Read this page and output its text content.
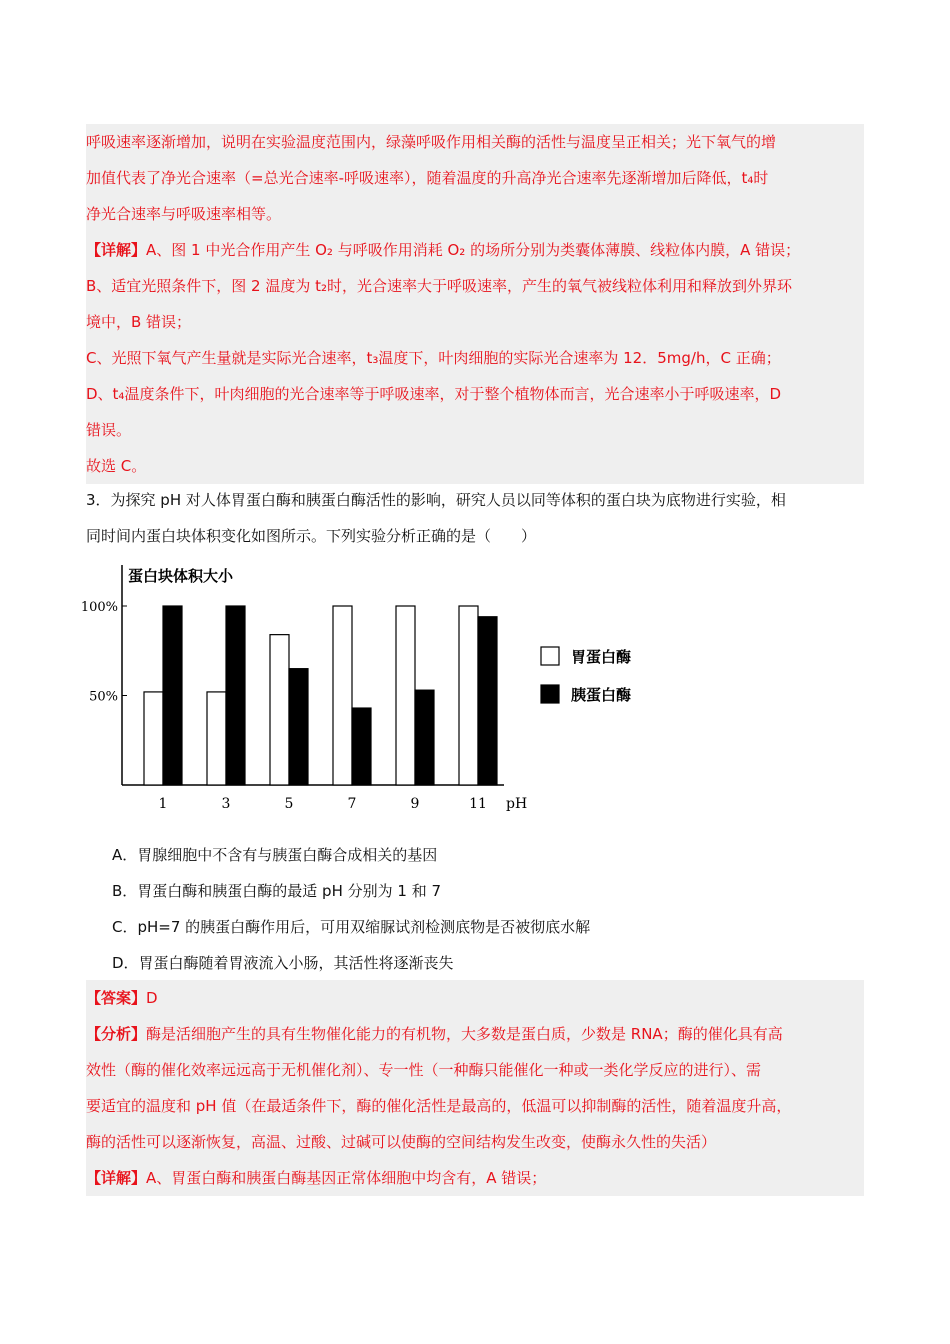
呼吸速率逐渐增加，说明在实验温度范围内，绿藻呼吸作用相关酶的活性与温度呈正相关；光下氧气的增

加值代表了净光合速率（=总光合速率-呼吸速率），随着温度的升高净光合速率先逐渐增加后降低，t₄时

净光合速率与呼吸速率相等。

【详解】A、图 1 中光合作用产生 O₂ 与呼吸作用消耗 O₂ 的场所分别为类囊体薄膜、线粒体内膜，A 错误；

B、适宜光照条件下，图 2 温度为 t₂时，光合速率大于呼吸速率，产生的氧气被线粒体利用和释放到外界环

境中，B 错误；

C、光照下氧气产生量就是实际光合速率，t₃温度下，叶肉细胞的实际光合速率为 12．5mg/h，C 正确；

D、t₄温度条件下，叶肉细胞的光合速率等于呼吸速率，对于整个植物体而言，光合速率小于呼吸速率，D

错误。

故选 C。

3．为探究 pH 对人体胃蛋白酶和胰蛋白酶活性的影响，研究人员以同等体积的蛋白块为底物进行实验，相

同时间内蛋白块体积变化如图所示。下列实验分析正确的是（　　）

蛋白块体积大小
100%
50%
1	3	5	7	9	11 pH
胃蛋白酶
胰蛋白酶

A．胃腺细胞中不含有与胰蛋白酶合成相关的基因

B．胃蛋白酶和胰蛋白酶的最适 pH 分别为 1 和 7

C．pH=7 的胰蛋白酶作用后，可用双缩脲试剂检测底物是否被彻底水解

D．胃蛋白酶随着胃液流入小肠，其活性将逐渐丧失

【答案】D

【分析】酶是活细胞产生的具有生物催化能力的有机物，大多数是蛋白质，少数是 RNA；酶的催化具有高

效性（酶的催化效率远远高于无机催化剂）、专一性（一种酶只能催化一种或一类化学反应的进行）、需

要适宜的温度和 pH 值（在最适条件下，酶的催化活性是最高的，低温可以抑制酶的活性，随着温度升高，

酶的活性可以逐渐恢复，高温、过酸、过碱可以使酶的空间结构发生改变，使酶永久性的失活）

【详解】A、胃蛋白酶和胰蛋白酶基因正常体细胞中均含有，A 错误；
